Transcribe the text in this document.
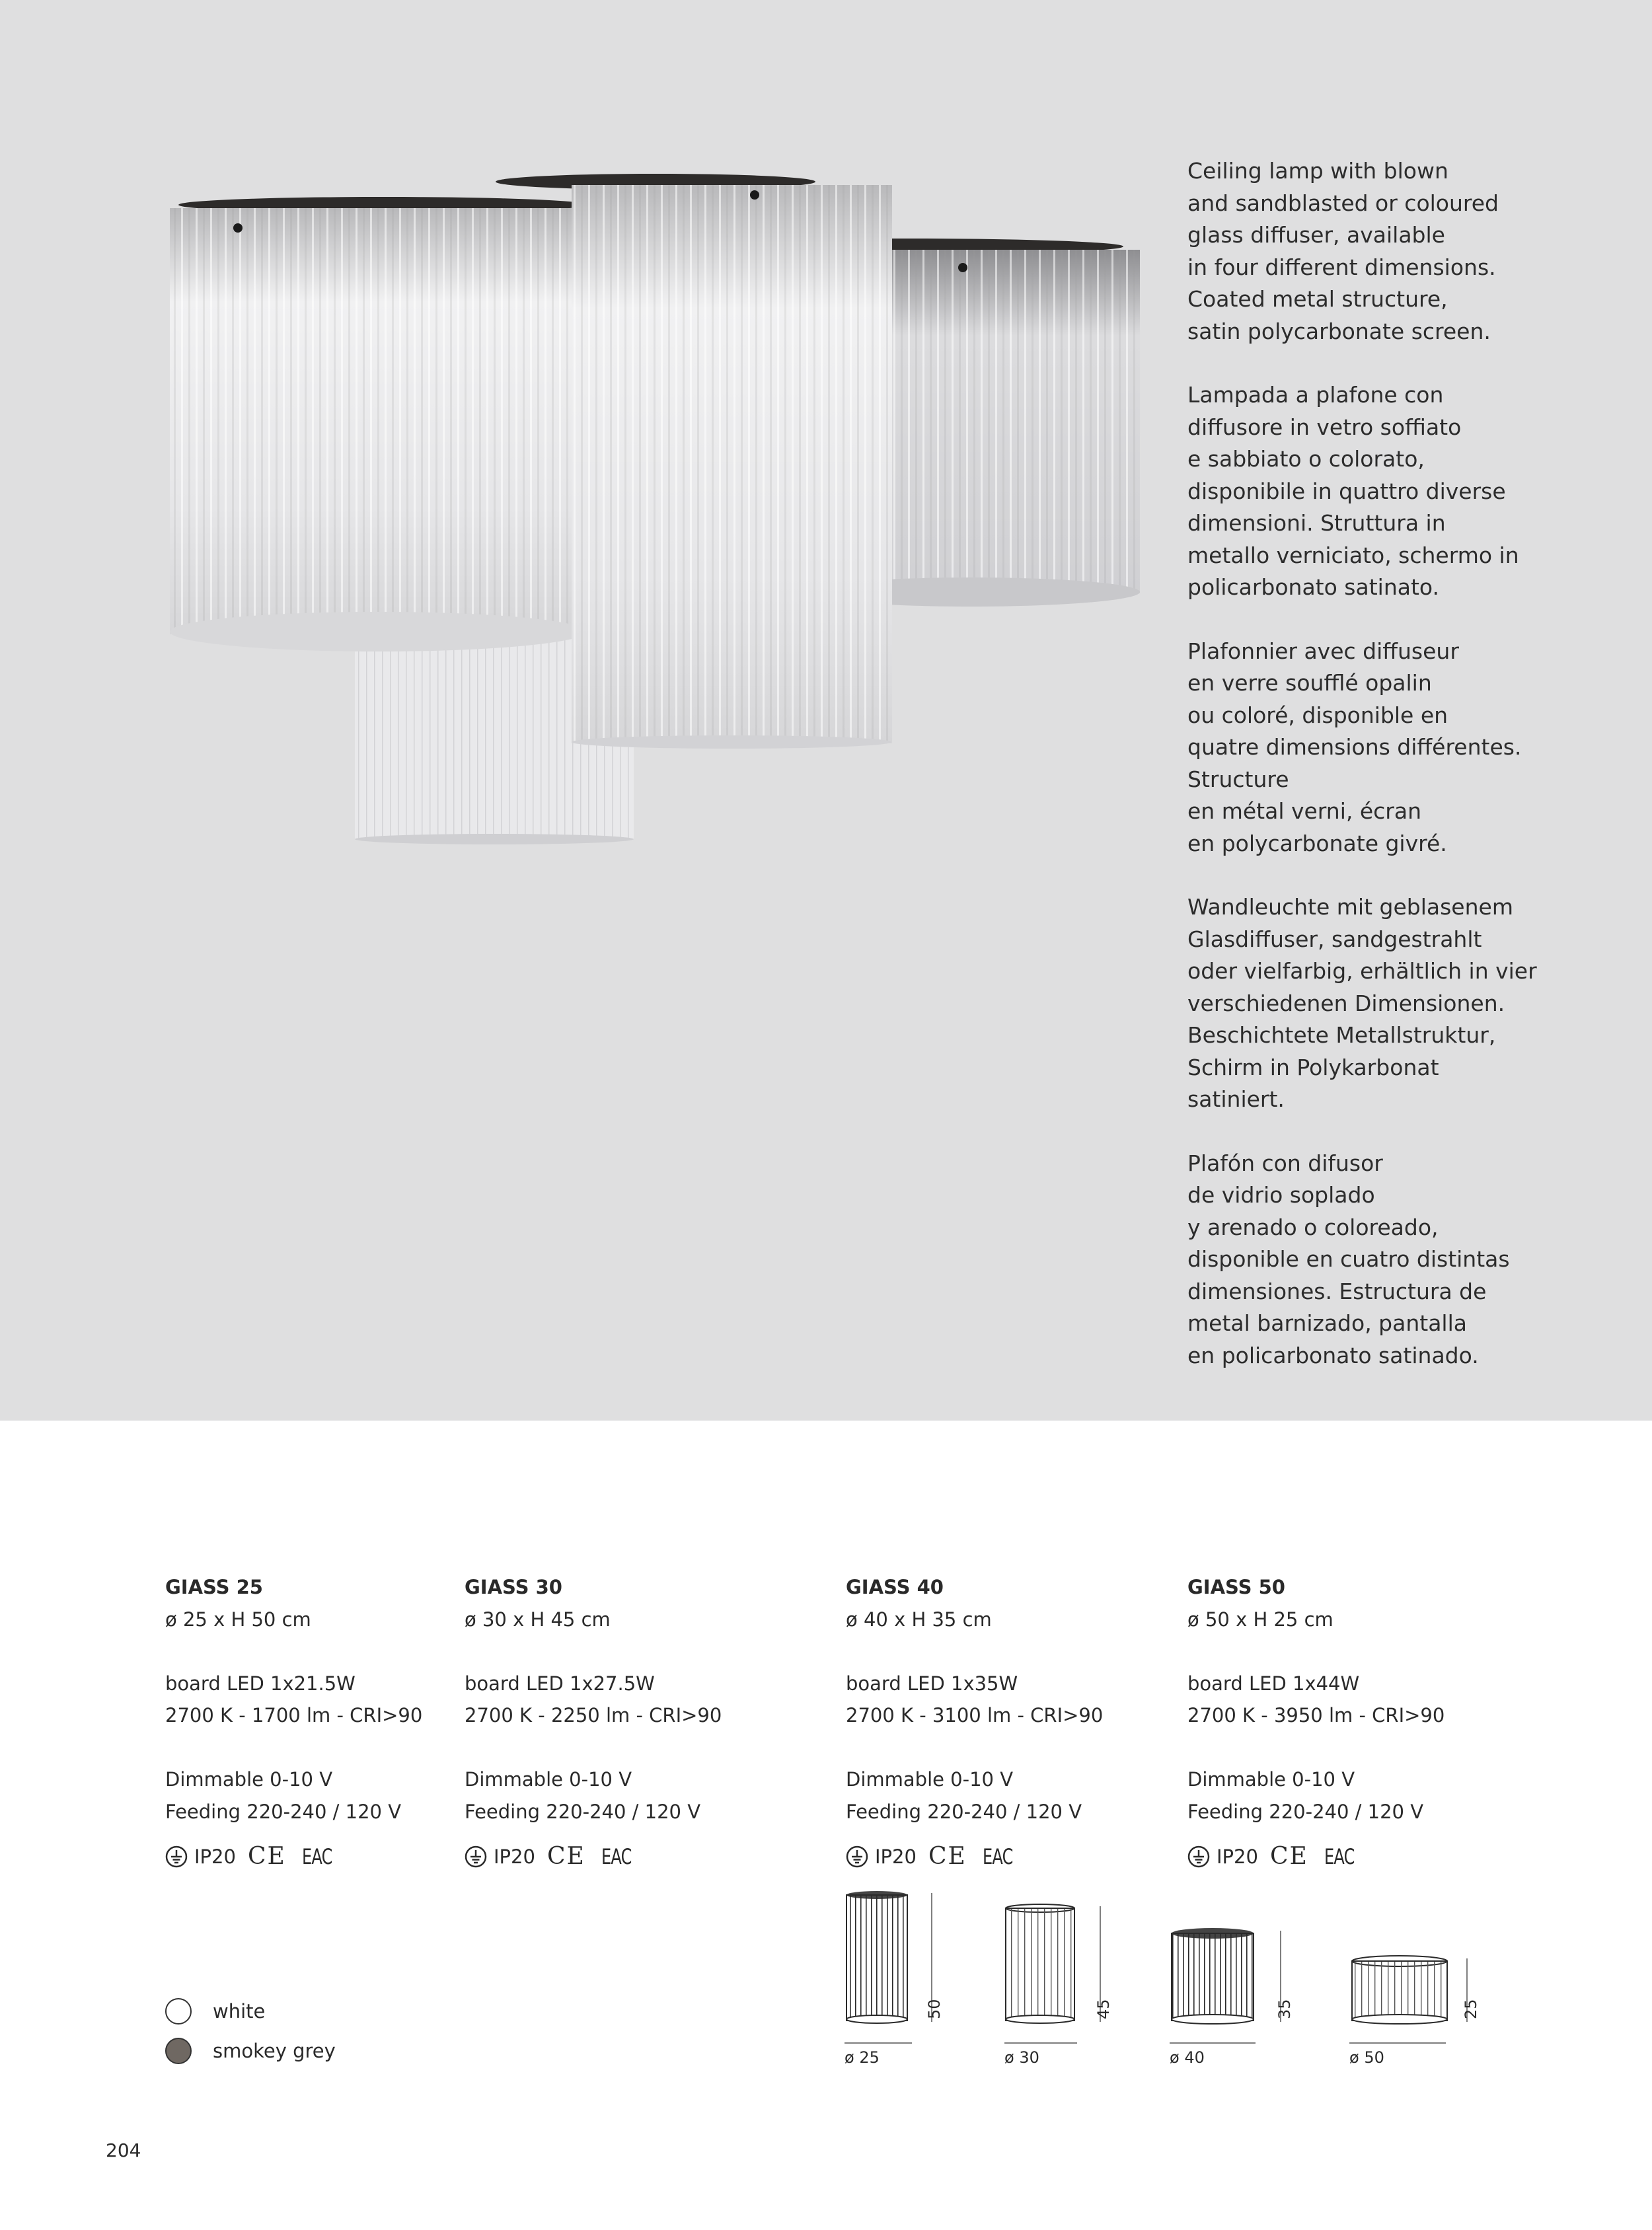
Ceiling lamp with blown
and sandblasted or coloured
glass diffuser, available
in four different dimensions.
Coated metal structure,
satin polycarbonate screen.

Lampada a plafone con
diffusore in vetro soffiato
e sabbiato o colorato,
disponibile in quattro diverse
dimensioni. Struttura in
metallo verniciato, schermo in
policarbonato satinato.

Plafonnier avec diffuseur
en verre soufflé opalin
ou coloré, disponible en
quatre dimensions différentes.
Structure
en métal verni, écran
en polycarbonate givré.

Wandleuchte mit geblasenem
Glasdiffuser, sandgestrahlt
oder vielfarbig, erhältlich in vier
verschiedenen Dimensionen.
Beschichtete Metallstruktur,
Schirm in Polykarbonat
satiniert.

Plafón con difusor
de vidrio soplado
y arenado o coloreado,
disponible en cuatro distintas
dimensiones. Estructura de
metal barnizado, pantalla
en policarbonato satinado.

GIASS 25
ø 25 x H 50 cm
board LED 1x21.5W
2700 K - 1700 lm - CRI>90
Dimmable 0-10 V
Feeding 220-240 / 120 V
IP20 CE EAC
GIASS 30
ø 30 x H 45 cm
board LED 1x27.5W
2700 K - 2250 lm - CRI>90
Dimmable 0-10 V
Feeding 220-240 / 120 V
IP20 CE EAC
GIASS 40
ø 40 x H 35 cm
board LED 1x35W
2700 K - 3100 lm - CRI>90
Dimmable 0-10 V
Feeding 220-240 / 120 V
IP20 CE EAC
GIASS 50
ø 50 x H 25 cm
board LED 1x44W
2700 K - 3950 lm - CRI>90
Dimmable 0-10 V
Feeding 220-240 / 120 V
IP20 CE EAC
white
smokey grey
50
ø 25
45
ø 30
35
ø 40
25
ø 50
204
